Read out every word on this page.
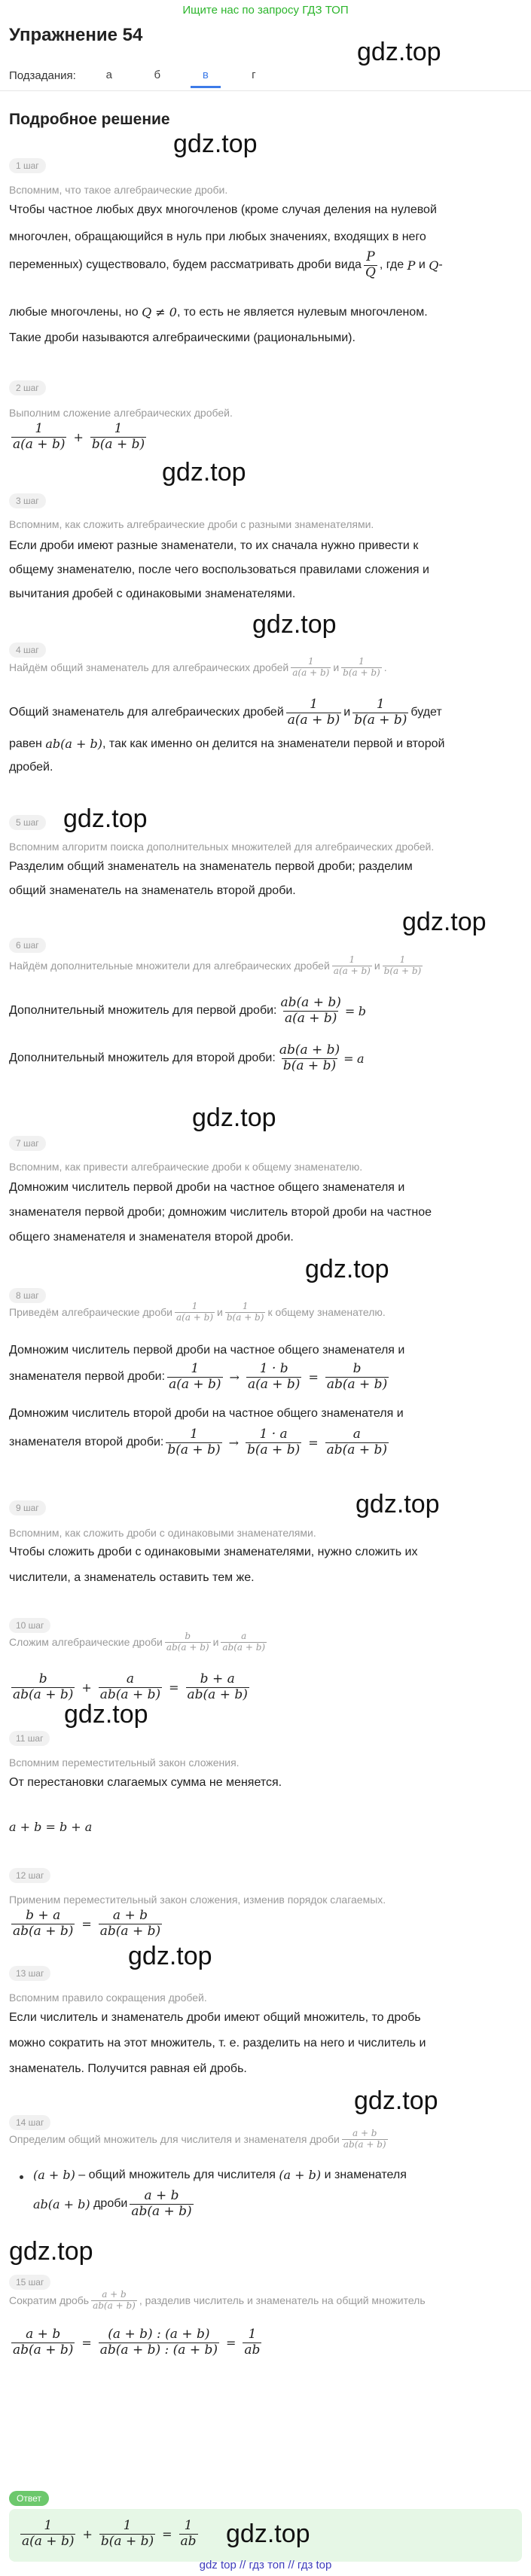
Ищите нас по запросу ГДЗ ТОП
Упражнение 54
gdz.top
Подзадания:	а	б	в	г
Подробное решение
gdz.top
1 шаг
Вспомним, что такое алгебраические дроби.
Чтобы частное любых двух многочленов (кроме случая деления на нулевой
многочлен, обращающийся в нуль при любых значениях, входящих в него
переменных) существовало, будем рассматривать дроби вида $\frac{P}{Q}$ , где
P
и
Q -
любые многочлены, но
Q ≠ 0 , то есть не является нулевым многочленом.
Такие дроби называются алгебраическими (рациональными).
2 шаг
Выполним сложение алгебраических дробей.
$\frac{1}{a(a + b)} + \frac{1}{b(a + b)}$
gdz.top
3 шаг
Вспомним, как сложить алгебраические дроби с разными знаменателями.
Если дроби имеют разные знаменатели, то их сначала нужно привести к
общему знаменателю, после чего воспользоваться правилами сложения и
вычитания дробей с одинаковыми знаменателями.
gdz.top
4 шаг
Найдём общий знаменатель для алгебраических дробей $\frac{1}{a(a + b)}$ и $\frac{1}{b(a + b)}$ .
Общий знаменатель для алгебраических дробей $\frac{1}{a(a + b)}$ и $\frac{1}{b(a + b)}$ будет
равен
ab(a + b) , так как именно он делится на знаменатели первой и второй
дробей.
5 шаг gdz.top
Вспомним алгоритм поиска дополнительных множителей для алгебраических дробей.
Разделим общий знаменатель на знаменатель первой дроби; разделим
общий знаменатель на знаменатель второй дроби.
gdz.top
6 шаг
Найдём дополнительные множители для алгебраических дробей $\frac{1}{a(a + b)}$ и $\frac{1}{b(a + b)}$
Дополнительный множитель для первой дроби: $\frac{ab(a + b)}{a(a + b)}$ =
b
Дополнительный множитель для второй дроби: $\frac{ab(a + b)}{b(a + b)}$ =
a
gdz.top
7 шаг
Вспомним, как привести алгебраические дроби к общему знаменателю.
Домножим числитель первой дроби на частное общего знаменателя и
знаменателя первой дроби; домножим числитель второй дроби на частное
общего знаменателя и знаменателя второй дроби.
gdz.top
8 шаг
Приведём алгебраические дроби $\frac{1}{a(a + b)}$ и $\frac{1}{b(a + b)}$ к общему знаменателю.
Домножим числитель первой дроби на частное общего знаменателя и
знаменателя первой дроби: $\frac{1}{a(a + b)} \to \frac{1 \cdot b}{a(a + b)} = \frac{b}{ab(a + b)}$
Домножим числитель второй дроби на частное общего знаменателя и
знаменателя второй дроби: $\frac{1}{b(a + b)} \to \frac{1 \cdot a}{b(a + b)} = \frac{a}{ab(a + b)}$
gdz.top
9 шаг
Вспомним, как сложить дроби с одинаковыми знаменателями.
Чтобы сложить дроби с одинаковыми знаменателями, нужно сложить их
числители, а знаменатель оставить тем же.
10 шаг
Сложим алгебраические дроби $\frac{b}{ab(a + b)}$ и $\frac{a}{ab(a + b)}$
$\frac{b}{ab(a + b)} + \frac{a}{ab(a + b)} = \frac{b + a}{ab(a + b)}$
gdz.top
11 шаг
Вспомним переместительный закон сложения.
От перестановки слагаемых сумма не меняется.
a + b = b + a
12 шаг
Применим переместительный закон сложения, изменив порядок слагаемых.
$\frac{b + a}{ab(a + b)} = \frac{a + b}{ab(a + b)}$
gdz.top
13 шаг
Вспомним правило сокращения дробей.
Если числитель и знаменатель дроби имеют общий множитель, то дробь
можно сократить на этот множитель, т. е. разделить на него и числитель и
знаменатель. Получится равная ей дробь.
gdz.top
14 шаг
Определим общий множитель для числителя и знаменателя дроби $\frac{a + b}{ab(a + b)}$
(a + b)
– общий множитель для числителя
(a + b)
и знаменателя
ab(a + b)
дроби $\frac{a + b}{ab(a + b)}$
gdz.top
15 шаг
Сократим дробь $\frac{a + b}{ab(a + b)}$ , разделив числитель и знаменатель на общий множитель
$\frac{a + b}{ab(a + b)} = \frac{(a + b) : (a + b)}{ab(a + b) : (a + b)} = \frac{1}{ab}$
Ответ
$\frac{1}{a(a + b)} + \frac{1}{b(a + b)} = \frac{1}{ab} gdz.top$
gdz top // гдз топ // гдз top
